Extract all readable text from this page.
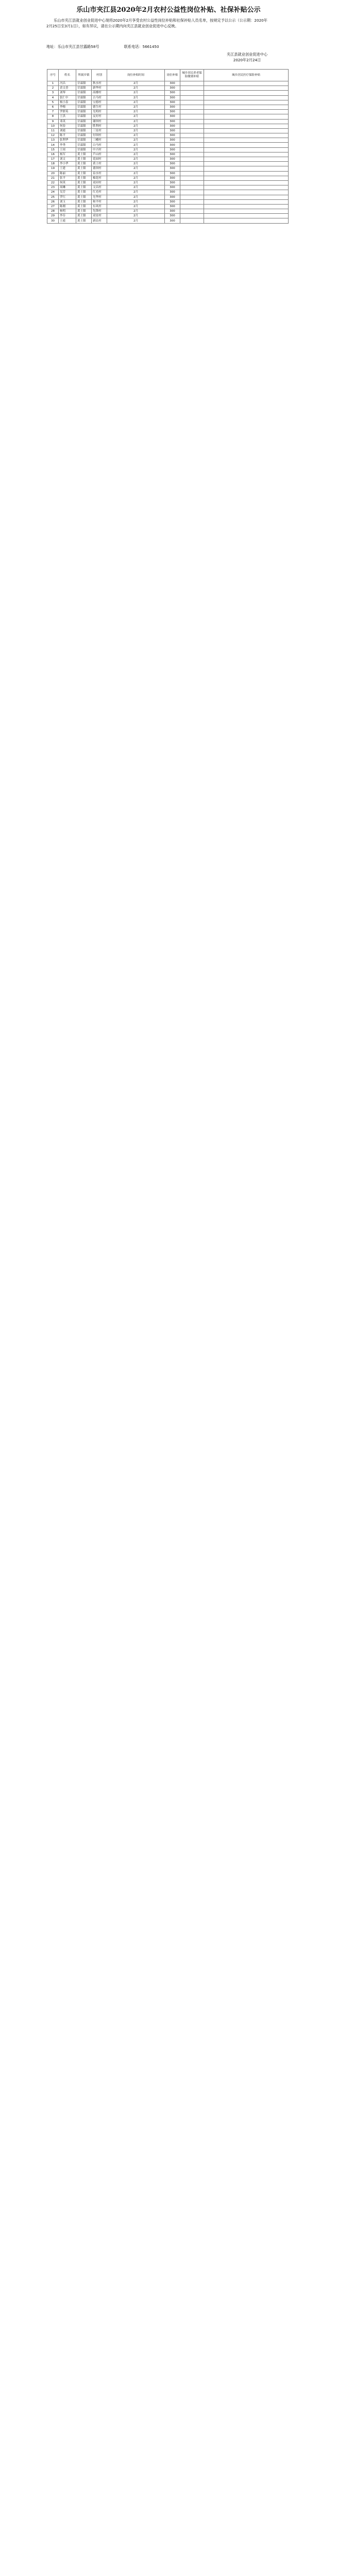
乐山市夹江县2020年2月农村公益性岗位补贴、社保补贴公示

乐山市夹江县就业创业促进中心现将2020年2月享受农村公益性岗位补贴和社保补贴人员名单，按规定予以公示（公示期：2020年2月25日至3月1日），如有异议，请在公示期内向夹江县就业创业促进中心反映。

地址：乐山市夹江县甘露路58号	联系电话：5661450
夹江县就业创业促进中心
2020年2月24日
序号	姓名	所属乡镇	村别	岗位补贴时间	岗位补贴	城乡居民养老保险缴费补贴	城乡居民医疗保险补贴
1	冯昌	甘霖镇	秋水村	2月	300		
2	余文香	甘霖镇	新华村	2月	300		
3	刘琴	甘霖镇	高楼村	2月	300		
4	张仁中	甘霖镇	古马村	2月	300		
5	杨小春	甘霖镇	宝德村	2月	300		
6	李梅	甘霖镇	德生村	2月	300		
7	罗群英	甘霖镇	光明村	2月	300		
8	王洪	甘霖镇	友好村	2月	300		
9	邓英	甘霖镇	谢坝村	2月	300		
10	何春	甘霖镇	胜利村	2月	300		
11	刘霞	甘霖镇	三星村	2月	300		
12	陈平	甘霖镇	付坝村	2月	300		
13	张利华	甘霖镇	三峨村	2月	300		
14	李秀	甘霖镇	白马村	2月	300		
15	王琼	甘霖镇	中兴村	2月	300		
16	杨军	黄土镇	芦山村	2月	300		
17	刘文	黄土镇	花园村	2月	300		
18	李小华	黄土镇	黄土村	2月	300		
19	王建	黄土镇	董坝村	2月	300		
20	陈丽	黄土镇	泉水村	2月	300		
21	张平	黄土镇	棉花村	2月	300		
22	何英	黄土镇	双河村	2月	300		
23	周琳	黄土镇	文昌村	2月	300		
24	吴芳	黄土镇	红光村	2月	300		
25	罗红	黄土镇	光华村	2月	300		
26	刘玉	黄土镇	和平村	2月	300		
27	陈刚	黄土镇	东风村	2月	300		
28	杨明	黄土镇	先锋村	2月	300		
29	李芬	黄土镇	双星村	2月	300		
30	王霞	黄土镇	新民村	2月	300		
